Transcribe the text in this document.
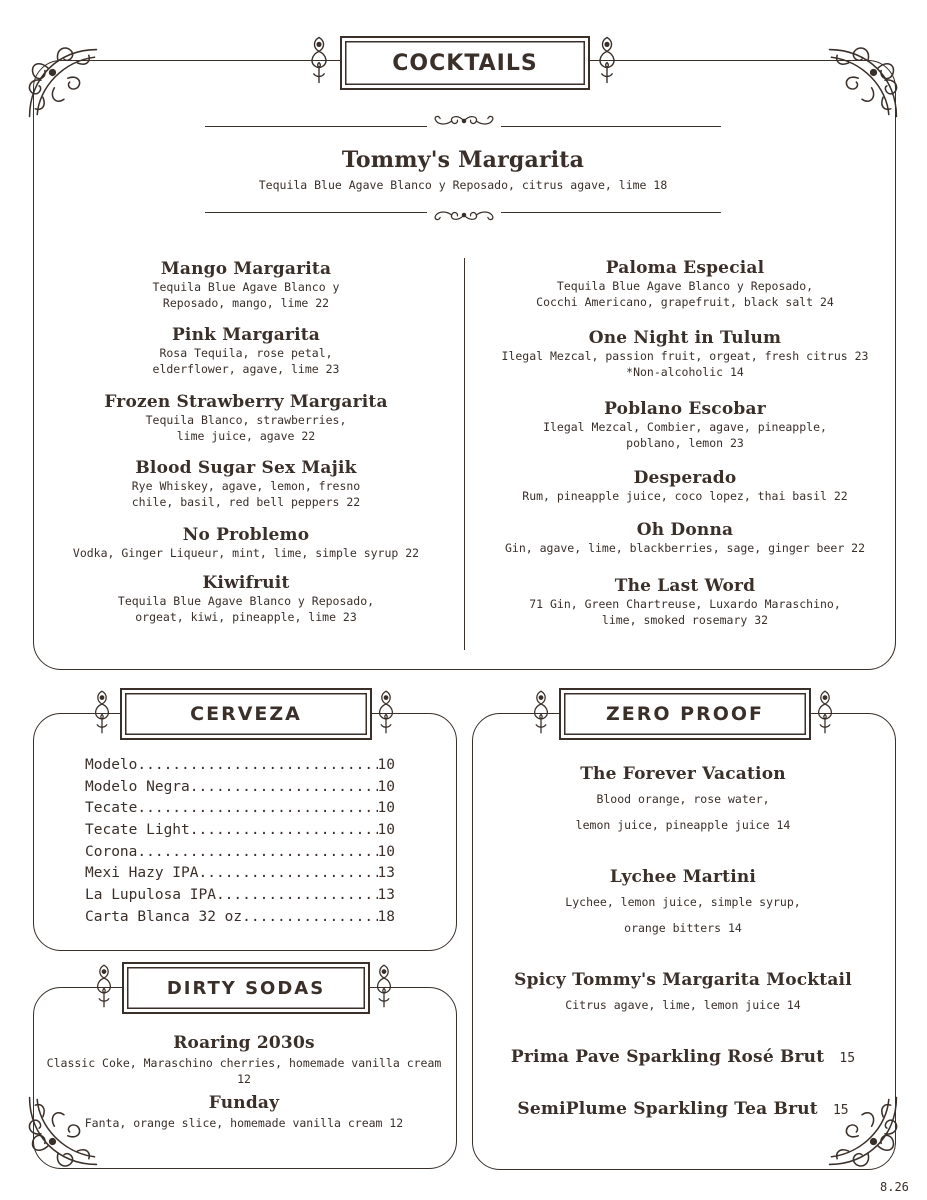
COCKTAILS
Tommy's Margarita
Tequila Blue Agave Blanco y Reposado, citrus agave, lime 18
Mango Margarita
Tequila Blue Agave Blanco y
Reposado, mango, lime 22
Pink Margarita
Rosa Tequila, rose petal,
elderflower, agave, lime 23
Frozen Strawberry Margarita
Tequila Blanco, strawberries,
lime juice, agave 22
Blood Sugar Sex Majik
Rye Whiskey, agave, lemon, fresno
chile, basil, red bell peppers 22
No Problemo
Vodka, Ginger Liqueur, mint, lime, simple syrup 22
Kiwifruit
Tequila Blue Agave Blanco y Reposado,
orgeat, kiwi, pineapple, lime 23
Paloma Especial
Tequila Blue Agave Blanco y Reposado,
Cocchi Americano, grapefruit, black salt 24
One Night in Tulum
Ilegal Mezcal, passion fruit, orgeat, fresh citrus 23
*Non-alcoholic 14
Poblano Escobar
Ilegal Mezcal, Combier, agave, pineapple,
poblano, lemon 23
Desperado
Rum, pineapple juice, coco lopez, thai basil 22
Oh Donna
Gin, agave, lime, blackberries, sage, ginger beer 22
The Last Word
71 Gin, Green Chartreuse, Luxardo Maraschino,
lime, smoked rosemary 32
CERVEZA
Modelo .....	10
Modelo Negra .....	10
Tecate .....	10
Tecate Light .....	10
Corona .....	10
Mexi Hazy IPA .....	13
La Lupulosa IPA .....	13
Carta Blanca 32 oz .....	18
DIRTY SODAS
Roaring 2030s
Classic Coke, Maraschino cherries, homemade vanilla cream 12
Funday
Fanta, orange slice, homemade vanilla cream 12
ZERO PROOF
The Forever Vacation
Blood orange, rose water,
lemon juice, pineapple juice 14
Lychee Martini
Lychee, lemon juice, simple syrup,
orange bitters 14
Spicy Tommy's Margarita Mocktail
Citrus agave, lime, lemon juice 14
Prima Pave Sparkling Rosé Brut 15
SemiPlume Sparkling Tea Brut 15
8.26
